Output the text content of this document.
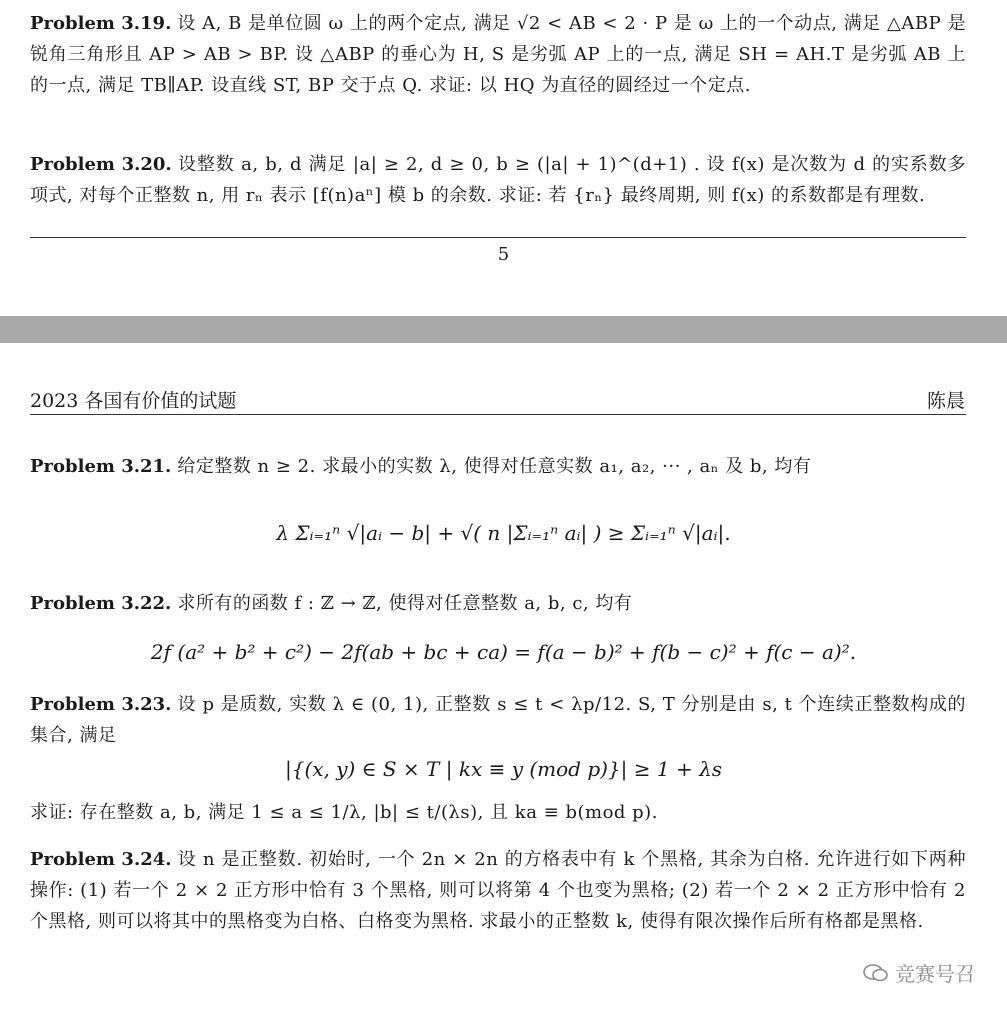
Problem 3.19. 设 A, B 是单位圆 ω 上的两个定点, 满足 √2 < AB < 2 · P 是 ω 上的一个动点, 满足 △ABP 是锐角三角形且 AP > AB > BP. 设 △ABP 的垂心为 H, S 是劣弧 AP 上的一点, 满足 SH = AH.T 是劣弧 AB 上的一点, 满足 TB∥AP. 设直线 ST, BP 交于点 Q. 求证: 以 HQ 为直径的圆经过一个定点.
Problem 3.20. 设整数 a, b, d 满足 |a| ≥ 2, d ≥ 0, b ≥ (|a| + 1)^(d+1) . 设 f(x) 是次数为 d 的实系数多项式, 对每个正整数 n, 用 rₙ 表示 [f(n)aⁿ] 模 b 的余数. 求证: 若 {rₙ} 最终周期, 则 f(x) 的系数都是有理数.
5
2023 各国有价值的试题	陈晨
Problem 3.21. 给定整数 n ≥ 2. 求最小的实数 λ, 使得对任意实数 a₁, a₂, ··· , aₙ 及 b, 均有
λ Σᵢ₌₁ⁿ √|aᵢ − b| + √( n |Σᵢ₌₁ⁿ aᵢ| ) ≥ Σᵢ₌₁ⁿ √|aᵢ|.
Problem 3.22. 求所有的函数 f : ℤ → ℤ, 使得对任意整数 a, b, c, 均有
2f (a² + b² + c²) − 2f(ab + bc + ca) = f(a − b)² + f(b − c)² + f(c − a)².
Problem 3.23. 设 p 是质数, 实数 λ ∈ (0, 1), 正整数 s ≤ t < λp/12. S, T 分别是由 s, t 个连续正整数构成的集合, 满足
|{(x, y) ∈ S × T | kx ≡ y (mod p)}| ≥ 1 + λs
求证: 存在整数 a, b, 满足 1 ≤ a ≤ 1/λ, |b| ≤ t/(λs), 且 ka ≡ b(mod p).
Problem 3.24. 设 n 是正整数. 初始时, 一个 2n × 2n 的方格表中有 k 个黑格, 其余为白格. 允许进行如下两种操作: (1) 若一个 2 × 2 正方形中恰有 3 个黑格, 则可以将第 4 个也变为黑格; (2) 若一个 2 × 2 正方形中恰有 2 个黑格, 则可以将其中的黑格变为白格、白格变为黑格. 求最小的正整数 k, 使得有限次操作后所有格都是黑格.
竞赛号召
